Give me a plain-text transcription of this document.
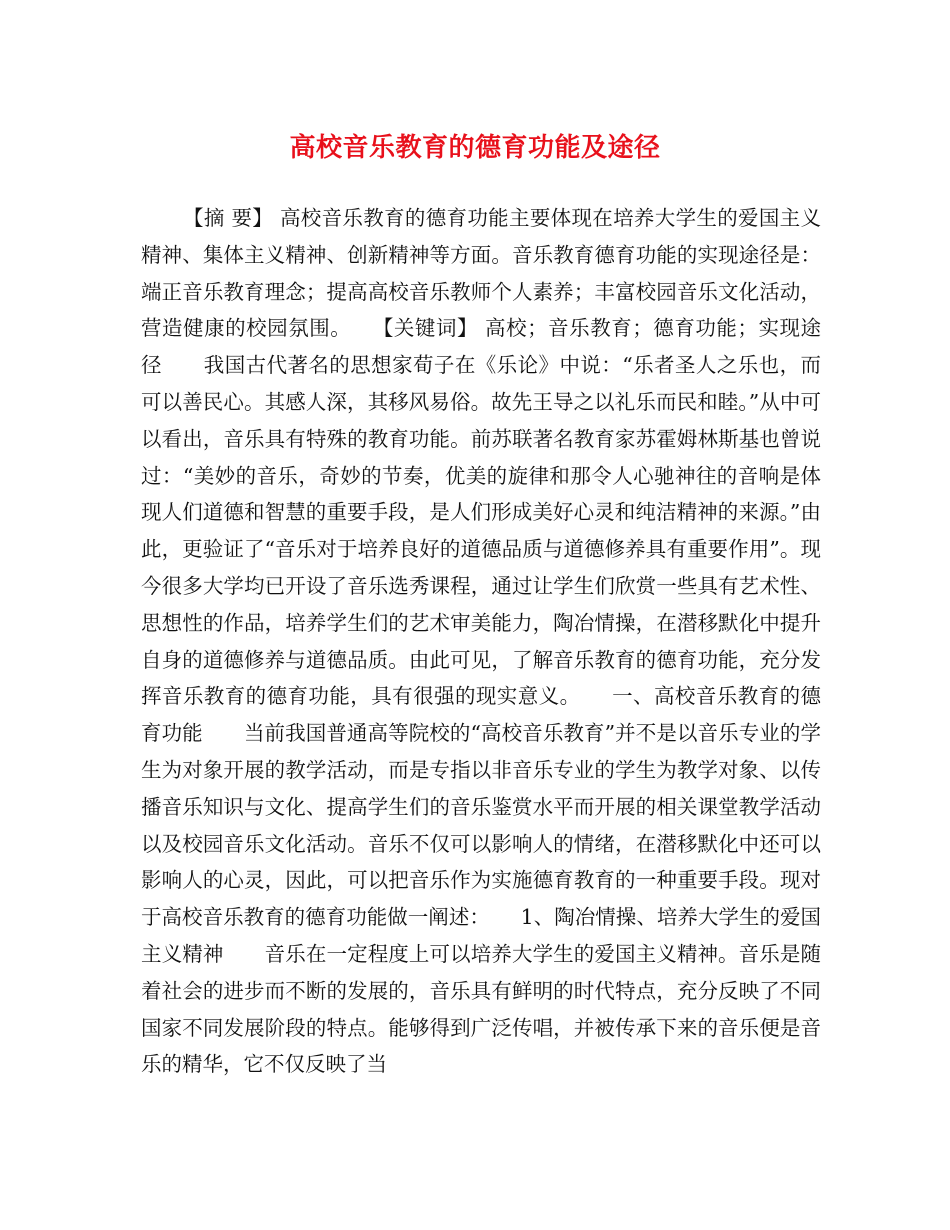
高校音乐教育的德育功能及途径

【摘 要】 高校音乐教育的德育功能主要体现在培养大学生的爱国主义精神、集体主义精神、创新精神等方面。音乐教育德育功能的实现途径是：端正音乐教育理念；提高高校音乐教师个人素养；丰富校园音乐文化活动，营造健康的校园氛围。　　【关键词】 高校；音乐教育；德育功能；实现途径　　我国古代著名的思想家荀子在《乐论》中说：“乐者圣人之乐也，而可以善民心。其感人深，其移风易俗。故先王导之以礼乐而民和睦。”从中可以看出，音乐具有特殊的教育功能。前苏联著名教育家苏霍姆林斯基也曾说过：“美妙的音乐，奇妙的节奏，优美的旋律和那令人心驰神往的音响是体现人们道德和智慧的重要手段，是人们形成美好心灵和纯洁精神的来源。”由此，更验证了“音乐对于培养良好的道德品质与道德修养具有重要作用”。现今很多大学均已开设了音乐选秀课程，通过让学生们欣赏一些具有艺术性、思想性的作品，培养学生们的艺术审美能力，陶冶情操，在潜移默化中提升自身的道德修养与道德品质。由此可见，了解音乐教育的德育功能，充分发挥音乐教育的德育功能，具有很强的现实意义。　　一、高校音乐教育的德育功能　　当前我国普通高等院校的“高校音乐教育”并不是以音乐专业的学生为对象开展的教学活动，而是专指以非音乐专业的学生为教学对象、以传播音乐知识与文化、提高学生们的音乐鉴赏水平而开展的相关课堂教学活动以及校园音乐文化活动。音乐不仅可以影响人的情绪，在潜移默化中还可以影响人的心灵，因此，可以把音乐作为实施德育教育的一种重要手段。现对于高校音乐教育的德育功能做一阐述：　　1、陶冶情操、培养大学生的爱国主义精神　　音乐在一定程度上可以培养大学生的爱国主义精神。音乐是随着社会的进步而不断的发展的，音乐具有鲜明的时代特点，充分反映了不同国家不同发展阶段的特点。能够得到广泛传唱，并被传承下来的音乐便是音乐的精华，它不仅反映了当
